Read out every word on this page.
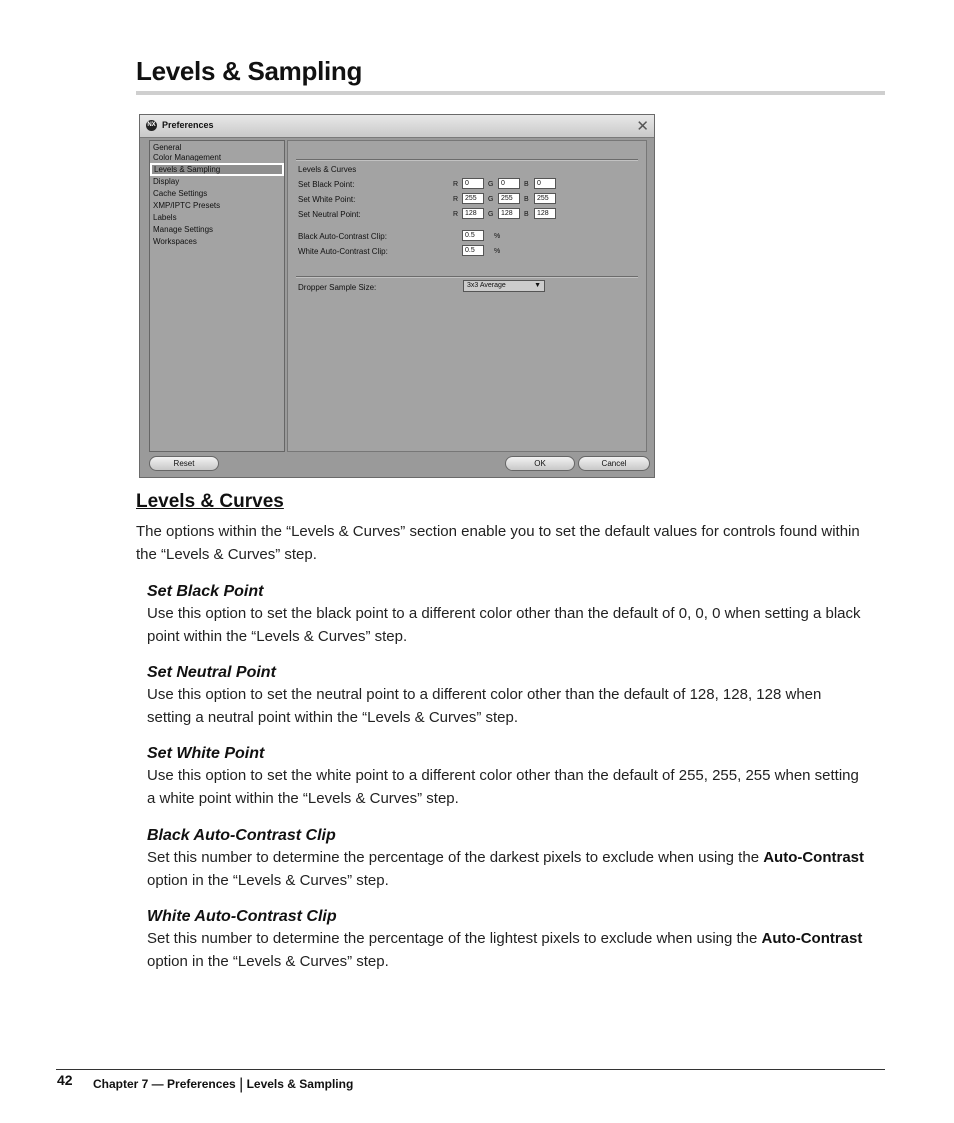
Levels & Sampling
NX Preferences	✕
General
Color Management
Levels & Sampling
Display
Cache Settings
XMP/IPTC Presets
Labels
Manage Settings
Workspaces
Levels & Curves
Set Black Point:	R 0	G	0	B	0
Set White Point:	R 255	G	255	B	255
Set Neutral Point:	R 128	G	128	B	128
Black Auto-Contrast Clip:	0.5	%
White Auto-Contrast Clip:	0.5	%
Dropper Sample Size:	3x3 Average	▼
Reset	OK	Cancel
Levels & Curves
The options within the “Levels & Curves” section enable you to set the default values for controls found within the “Levels & Curves” step.
Set Black Point
Use this option to set the black point to a different color other than the default of 0, 0, 0 when setting a black point within the “Levels & Curves” step.
Set Neutral Point
Use this option to set the neutral point to a different color other than the default of 128, 128, 128 when setting a neutral point within the “Levels & Curves” step.
Set White Point
Use this option to set the white point to a different color other than the default of 255, 255, 255 when setting a white point within the “Levels & Curves” step.
Black Auto-Contrast Clip
Set this number to determine the percentage of the darkest pixels to exclude when using the Auto-Contrast option in the “Levels & Curves” step.
White Auto-Contrast Clip
Set this number to determine the percentage of the lightest pixels to exclude when using the Auto-Contrast option in the “Levels & Curves” step.
42 Chapter 7 — Preferences | Levels & Sampling
